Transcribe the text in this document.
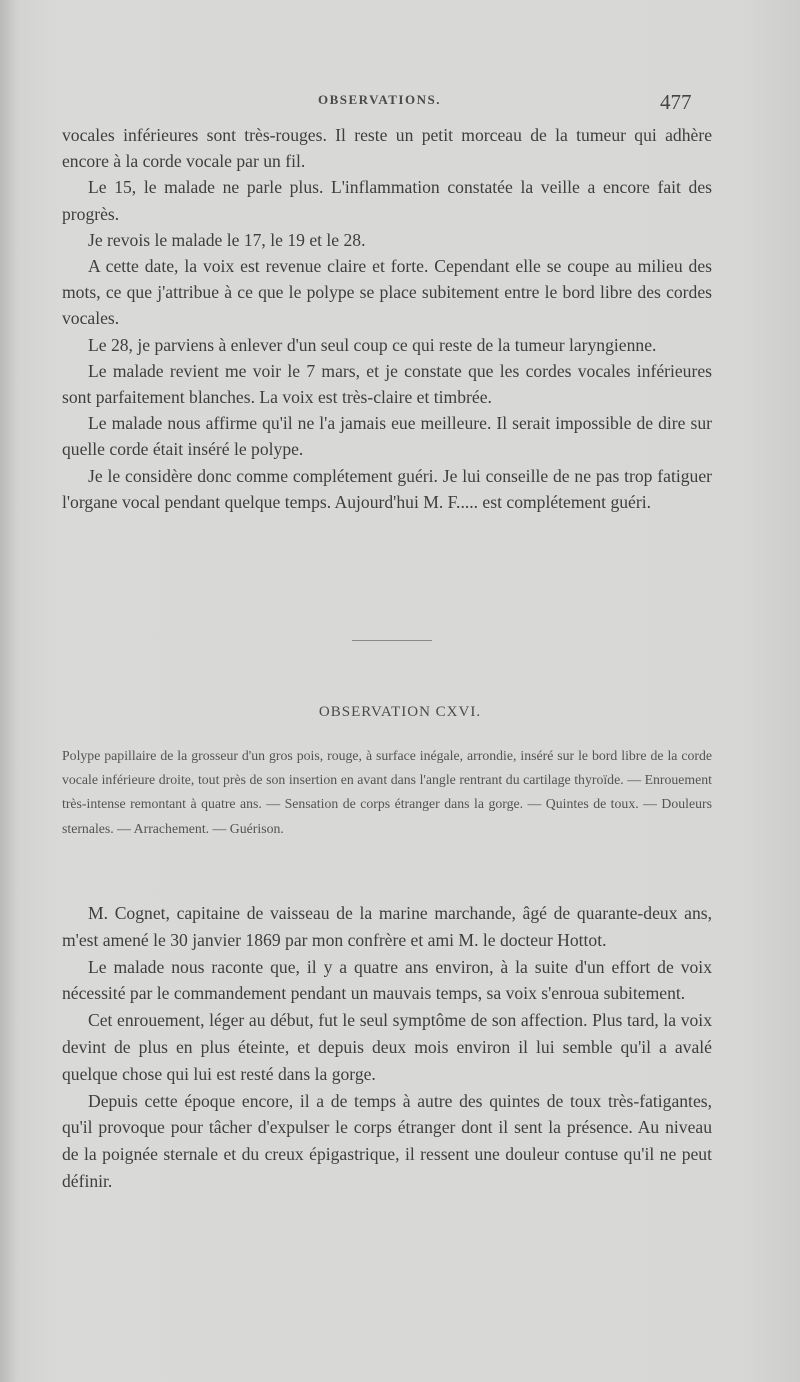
OBSERVATIONS.	477

vocales inférieures sont très-rouges. Il reste un petit morceau de la tumeur qui adhère encore à la corde vocale par un fil.

Le 15, le malade ne parle plus. L'inflammation constatée la veille a encore fait des progrès.

Je revois le malade le 17, le 19 et le 28.

A cette date, la voix est revenue claire et forte. Cependant elle se coupe au milieu des mots, ce que j'attribue à ce que le polype se place subitement entre le bord libre des cordes vocales.

Le 28, je parviens à enlever d'un seul coup ce qui reste de la tumeur laryngienne.

Le malade revient me voir le 7 mars, et je constate que les cordes vocales inférieures sont parfaitement blanches. La voix est très-claire et timbrée.

Le malade nous affirme qu'il ne l'a jamais eue meilleure. Il serait impossible de dire sur quelle corde était inséré le polype.

Je le considère donc comme complétement guéri. Je lui conseille de ne pas trop fatiguer l'organe vocal pendant quelque temps. Aujourd'hui M. F..... est complétement guéri.

OBSERVATION CXVI.

Polype papillaire de la grosseur d'un gros pois, rouge, à surface inégale, arrondie, inséré sur le bord libre de la corde vocale inférieure droite, tout près de son insertion en avant dans l'angle rentrant du cartilage thyroïde. — Enrouement très-intense remontant à quatre ans. — Sensation de corps étranger dans la gorge. — Quintes de toux. — Douleurs sternales. — Arrachement. — Guérison.

M. Cognet, capitaine de vaisseau de la marine marchande, âgé de quarante-deux ans, m'est amené le 30 janvier 1869 par mon confrère et ami M. le docteur Hottot.

Le malade nous raconte que, il y a quatre ans environ, à la suite d'un effort de voix nécessité par le commandement pendant un mauvais temps, sa voix s'enroua subitement.

Cet enrouement, léger au début, fut le seul symptôme de son affection. Plus tard, la voix devint de plus en plus éteinte, et depuis deux mois environ il lui semble qu'il a avalé quelque chose qui lui est resté dans la gorge.

Depuis cette époque encore, il a de temps à autre des quintes de toux très-fatigantes, qu'il provoque pour tâcher d'expulser le corps étranger dont il sent la présence. Au niveau de la poignée sternale et du creux épigastrique, il ressent une douleur contuse qu'il ne peut définir.
